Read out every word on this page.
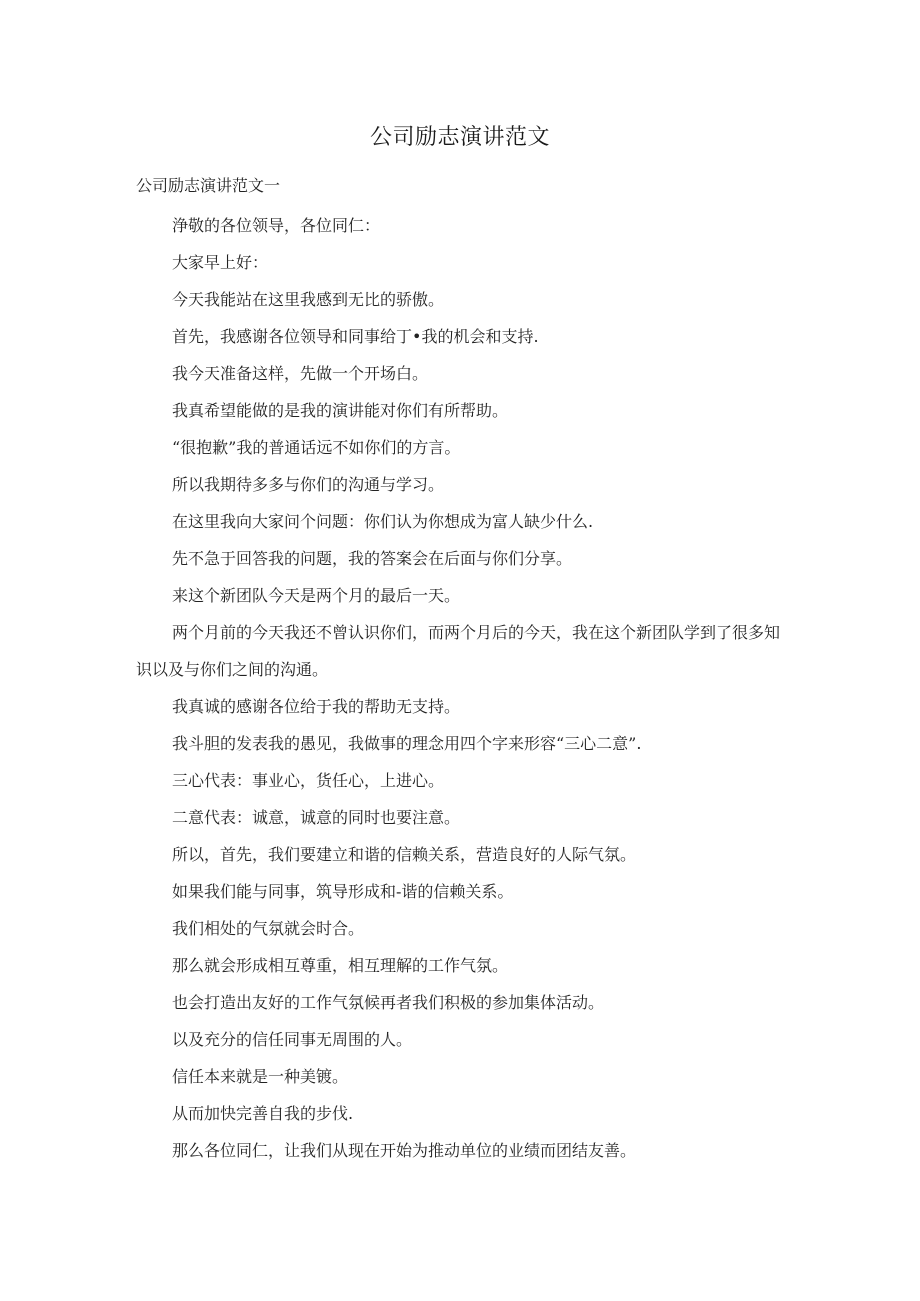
公司励志演讲范文
公司励志演讲范文一

浄敬的各位领导，各位同仁：

大家早上好：

今天我能站在这里我感到无比的骄傲。

首先，我感谢各位领导和同事给丁•我的机会和支持.

我今天准备这样，先做一个开场白。

我真希望能做的是我的演讲能对你们有所帮助。

“很抱歉”我的普通话远不如你们的方言。

所以我期待多多与你们的沟通与学习。

在这里我向大家问个问题：你们认为你想成为富人缺少什么.

先不急于回答我的问题，我的答案会在后面与你们分享。

来这个新团队今天是两个月的最后一天。

两个月前的今天我还不曾认识你们，而两个月后的今天，我在这个新团队学到了很多知识以及与你们之间的沟通。

我真诚的感谢各位给于我的帮助无支持。

我斗胆的发表我的愚见，我做事的理念用四个字来形容“三心二意”.

三心代表：事业心，货任心，上进心。

二意代表：诚意，诚意的同时也要注意。

所以，首先，我们要建立和谐的信赖关系，营造良好的人际气氛。

如果我们能与同事，筑导形成和-谐的信赖关系。

我们相处的气氛就会时合。

那么就会形成相互尊重，相互理解的工作气氛。

也会打造出友好的工作气氛候再者我们积极的参加集体活动。

以及充分的信任同事无周围的人。

信任本来就是一种美镀。

从而加快完善自我的步伐.

那么各位同仁，让我们从现在开始为推动单位的业绩而团结友善。
